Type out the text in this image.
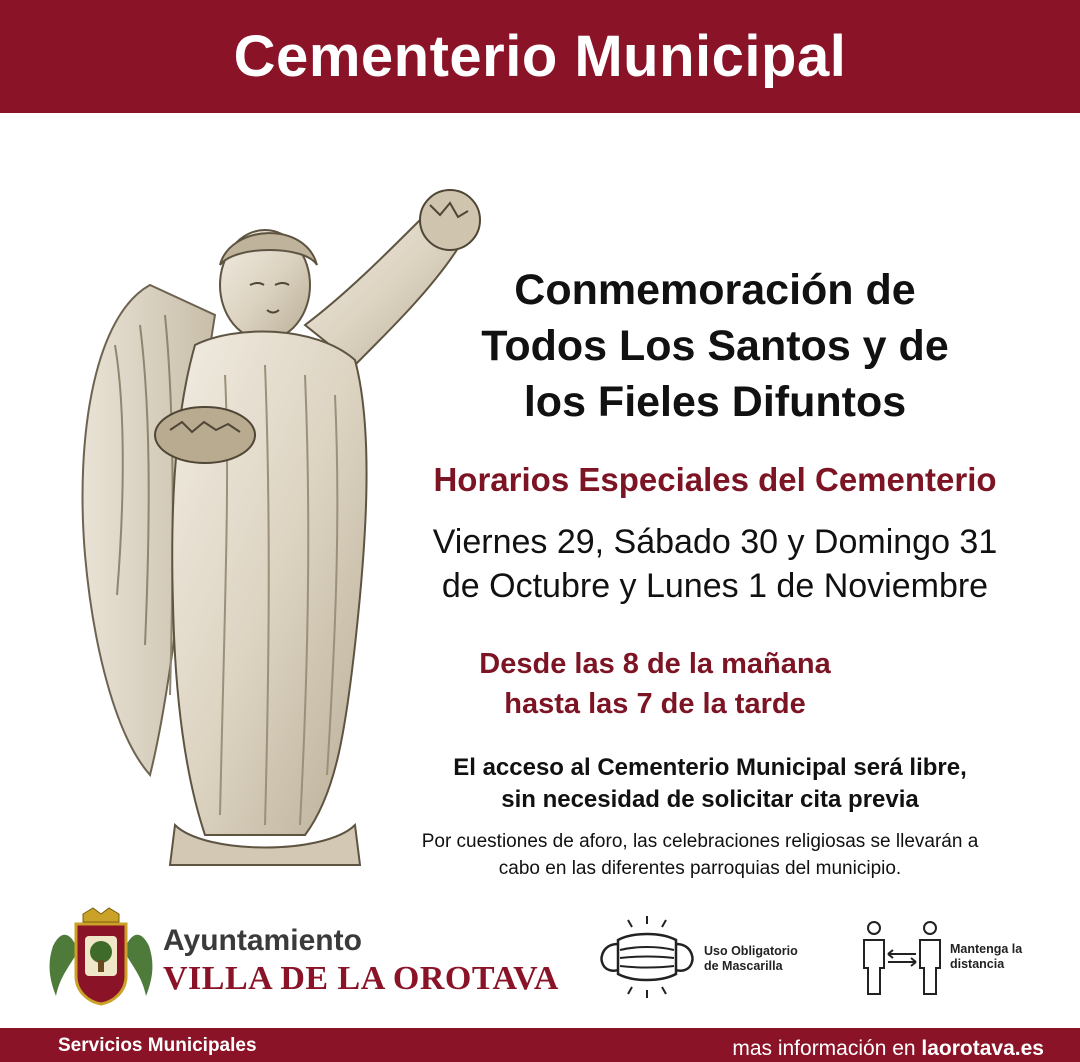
Cementerio Municipal
Conmemoración de
Todos Los Santos y de
los Fieles Difuntos
Horarios Especiales del Cementerio
Viernes 29, Sábado 30 y Domingo 31
de Octubre y Lunes 1 de Noviembre
Desde las 8 de la mañana
hasta las 7 de la tarde
El acceso al Cementerio Municipal será libre,
sin necesidad de solicitar cita previa
Por cuestiones de aforo, las celebraciones religiosas se llevarán a
cabo en las diferentes parroquias del municipio.
Ayuntamiento
VILLA DE LA OROTAVA
Uso Obligatorio
de Mascarilla
Mantenga la
distancia
Servicios Municipales	mas información en laorotava.es
